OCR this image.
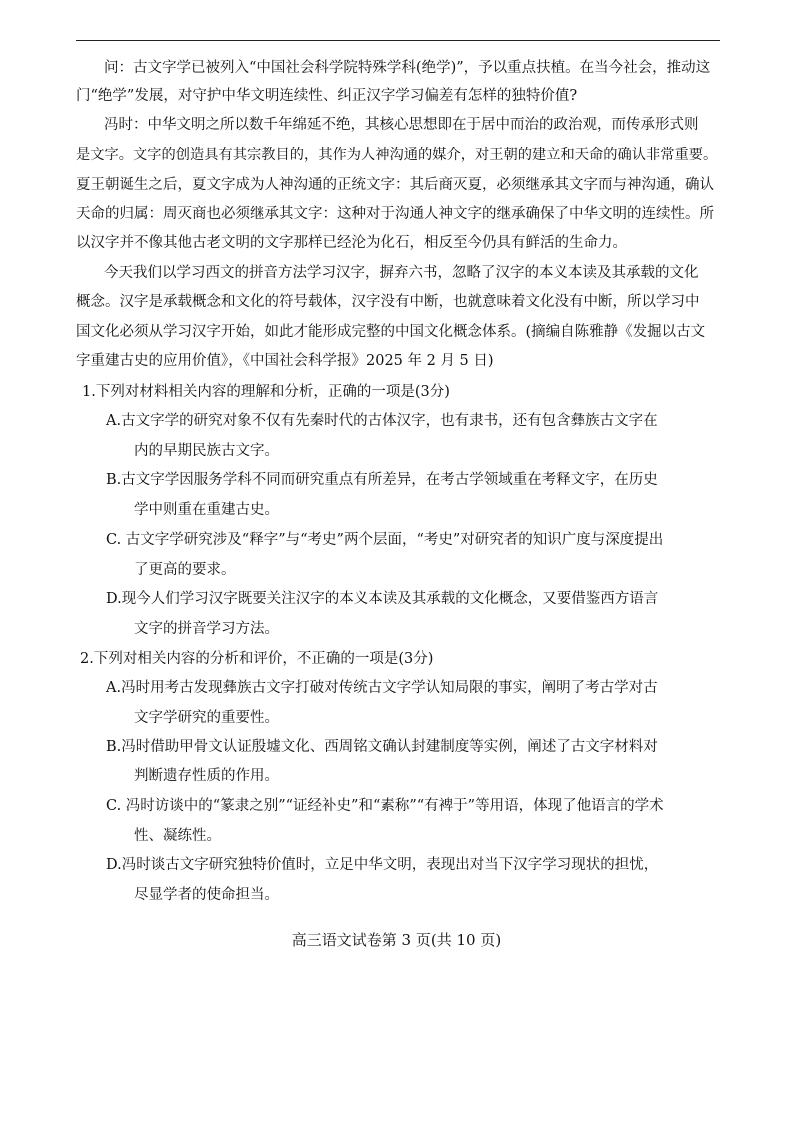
问：古文字学已被列入“中国社会科学院特殊学科(绝学)”，予以重点扶植。在当今社会，推动这
门“绝学”发展，对守护中华文明连续性、纠正汉字学习偏差有怎样的独特价值?
冯时：中华文明之所以数千年绵延不绝，其核心思想即在于居中而治的政治观，而传承形式则
是文字。文字的创造具有其宗教目的，其作为人神沟通的媒介，对王朝的建立和天命的确认非常重要。
夏王朝诞生之后，夏文字成为人神沟通的正统文字：其后商灭夏，必须继承其文字而与神沟通，确认
天命的归属：周灭商也必须继承其文字：这种对于沟通人神文字的继承确保了中华文明的连续性。所
以汉字并不像其他古老文明的文字那样已经沦为化石，相反至今仍具有鲜活的生命力。
今天我们以学习西文的拼音方法学习汉字，摒弃六书，忽略了汉字的本义本读及其承载的文化
概念。汉字是承载概念和文化的符号载体，汉字没有中断，也就意味着文化没有中断，所以学习中
国文化必须从学习汉字开始，如此才能形成完整的中国文化概念体系。(摘编自陈雅静《发掘以古文
字重建古史的应用价值》，《中国社会科学报》2025 年 2 月 5 日)
1.下列对材料相关内容的理解和分析，正确的一项是(3分)
A.古文字学的研究对象不仅有先秦时代的古体汉字，也有隶书，还有包含彝族古文字在
内的早期民族古文字。
B.古文字学因服务学科不同而研究重点有所差异，在考古学领域重在考释文字，在历史
学中则重在重建古史。
C. 古文字学研究涉及“释字”与“考史”两个层面，“考史”对研究者的知识广度与深度提出
了更高的要求。
D.现今人们学习汉字既要关注汉字的本义本读及其承载的文化概念，又要借鉴西方语言
文字的拼音学习方法。
2.下列对相关内容的分析和评价，不正确的一项是(3分)
A.冯时用考古发现彝族古文字打破对传统古文字学认知局限的事实，阐明了考古学对古
文字学研究的重要性。
B.冯时借助甲骨文认证殷墟文化、西周铭文确认封建制度等实例，阐述了古文字材料对
判断遗存性质的作用。
C. 冯时访谈中的“篆隶之别”“证经补史”和“素称”“有裨于”等用语，体现了他语言的学术
性、凝练性。
D.冯时谈古文字研究独特价值时，立足中华文明，表现出对当下汉字学习现状的担忧，
尽显学者的使命担当。
高三语文试卷第 3 页(共 10 页)
